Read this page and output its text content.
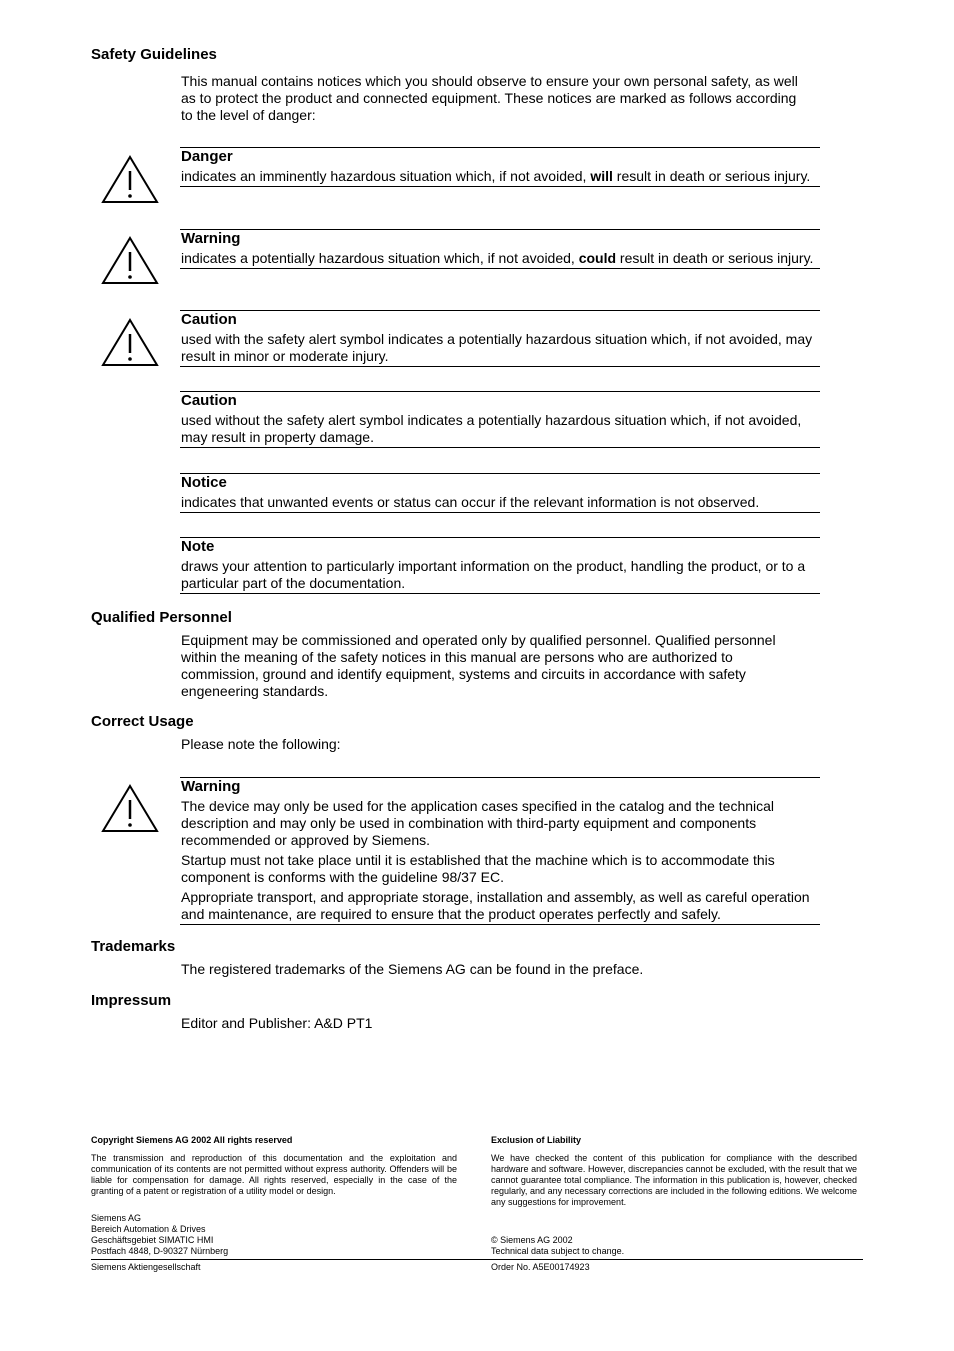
Safety Guidelines

This manual contains notices which you should observe to ensure your own personal safety, as well as to protect the product and connected equipment. These notices are marked as follows according to the level of danger:

Danger

indicates an imminently hazardous situation which, if not avoided, will result in death or serious injury.

Warning

indicates a potentially hazardous situation which, if not avoided, could result in death or serious injury.

Caution

used with the safety alert symbol indicates a potentially hazardous situation which, if not avoided, may result in minor or moderate injury.

Caution

used without the safety alert symbol indicates a potentially hazardous situation which, if not avoided, may result in property damage.

Notice

indicates that unwanted events or status can occur if the relevant information is not observed.

Note

draws your attention to particularly important information on the product, handling the product, or to a particular part of the documentation.

Qualified Personnel

Equipment may be commissioned and operated only by qualified personnel. Qualified personnel within the meaning of the safety notices in this manual are persons who are authorized to commission, ground and identify equipment, systems and circuits in accordance with safety engeneering standards.

Correct Usage

Please note the following:

Warning

The device may only be used for the application cases specified in the catalog and the technical description and may only be used in combination with third-party equipment and components recommended or approved by Siemens.

Startup must not take place until it is established that the machine which is to accommodate this component is conforms with the guideline 98/37 EC.

Appropriate transport, and appropriate storage, installation and assembly, as well as careful operation and maintenance, are required to ensure that the product operates perfectly and safely.

Trademarks

The registered trademarks of the Siemens AG can be found in the preface.

Impressum

Editor and Publisher: A&D PT1

Copyright Siemens AG 2002 All rights reserved

The transmission and reproduction of this documentation and the exploitation and communication of its contents are not permitted without express authority. Offenders will be liable for compensation for damage. All rights reserved, especially in the case of the granting of a patent or registration of a utility model or design.

Siemens AG
Bereich Automation & Drives
Geschäftsgebiet SIMATIC HMI
Postfach 4848, D-90327 Nürnberg

Exclusion of Liability

We have checked the content of this publication for compliance with the described hardware and software. However, discrepancies cannot be excluded, with the result that we cannot guarantee total compliance. The information in this publication is, however, checked regularly, and any necessary corrections are included in the following editions. We welcome any suggestions for improvement.

© Siemens AG 2002
Technical data subject to change.

Siemens Aktiengesellschaft	Order No. A5E00174923
